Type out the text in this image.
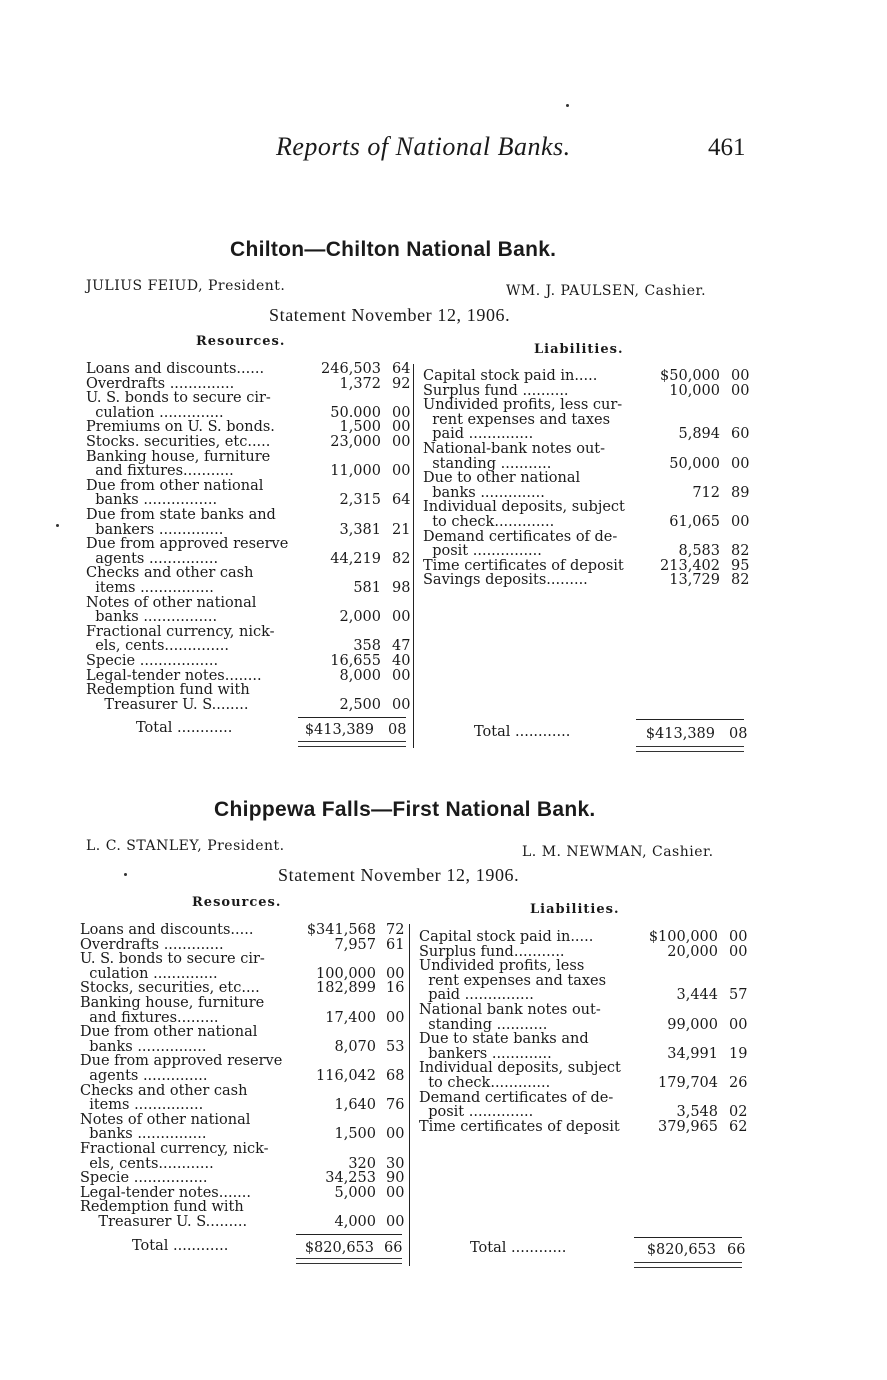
Reports of National Banks.	461
Chilton—Chilton National Bank.
JULIUS FEIUD, President.	WM. J. PAULSEN, Cashier.
Statement November 12, 1906.
Resources.
Liabilities.
Loans and discounts......	246,503 64
Overdrafts ..............	1,372 92
U. S. bonds to secure cir-
culation ..............	50.000 00
Premiums on U. S. bonds.	1,500 00
Stocks. securities, etc.....	23,000 00
Banking house, furniture
and fixtures...........	11,000 00
Due from other national
banks ................	2,315 64
Due from state banks and
bankers ..............	3,381 21
Due from approved reserve
agents ...............	44,219 82
Checks and other cash
items ................	581 98
Notes of other national
banks ................	2,000 00
Fractional currency, nick-
els, cents..............	358 47
Specie .................	16,655 40
Legal-tender notes........	8,000 00
Redemption fund with
Treasurer U. S........	2,500 00
Capital stock paid in.....	$50,000 00
Surplus fund ..........	10,000 00
Undivided profits, less cur-
rent expenses and taxes
paid ..............	5,894 60
National-bank notes out-
standing ...........	50,000 00
Due to other national
banks ..............	712 89
Individual deposits, subject
to check.............	61,065 00
Demand certificates of de-
posit ...............	8,583 82
Time certificates of deposit	213,402 95
Savings deposits.........	13,729 82
Total ............	$413,389 08	Total ............	$413,389 08
Chippewa Falls—First National Bank.
L. C. STANLEY, President.	L. M. NEWMAN, Cashier.
Statement November 12, 1906.
Resources.	Liabilities.
Loans and discounts.....	$341,568 72
Overdrafts .............	7,957 61
U. S. bonds to secure cir-
culation ..............	100,000 00
Stocks, securities, etc....	182,899 16
Banking house, furniture
and fixtures.........	17,400 00
Due from other national
banks ...............	8,070 53
Due from approved reserve
agents ..............	116,042 68
Checks and other cash
items ...............	1,640 76
Notes of other national
banks ...............	1,500 00
Fractional currency, nick-
els, cents............	320 30
Specie ................	34,253 90
Legal-tender notes.......	5,000 00
Redemption fund with
Treasurer U. S.........	4,000 00
Capital stock paid in.....	$100,000 00
Surplus fund...........	20,000 00
Undivided profits, less
rent expenses and taxes
paid ...............	3,444 57
National bank notes out-
standing ...........	99,000 00
Due to state banks and
bankers .............	34,991 19
Individual deposits, subject
to check.............	179,704 26
Demand certificates of de-
posit ..............	3,548 02
Time certificates of deposit	379,965 62
Total ............	$820,653 66	Total ............	$820,653 66
